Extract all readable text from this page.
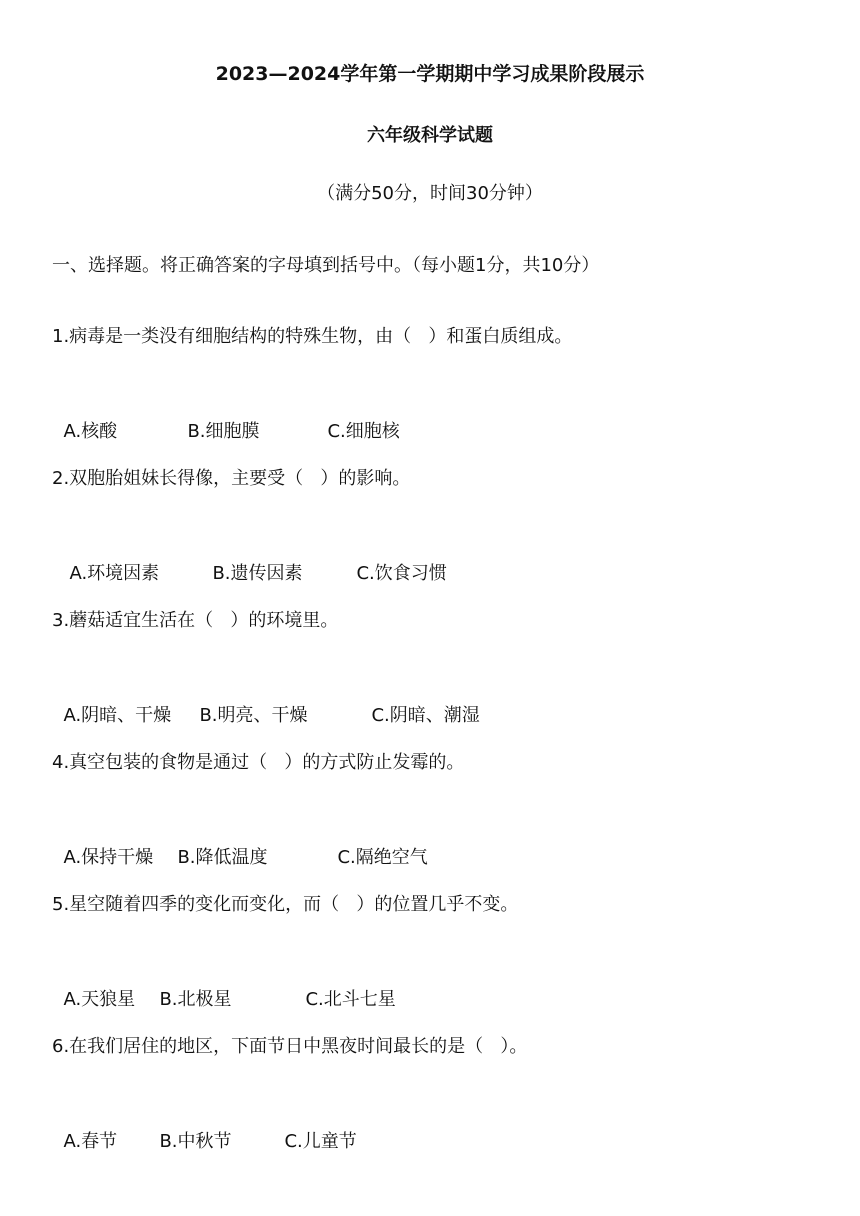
2023—2024学年第一学期期中学习成果阶段展示
六年级科学试题
（满分50分，时间30分钟）
一、选择题。将正确答案的字母填到括号中。（每小题1分，共10分）
1.病毒是一类没有细胞结构的特殊生物，由（   ）和蛋白质组成。

A.核酸	B.细胞膜	C.细胞核

2.双胞胎姐妹长得像，主要受（   ）的影响。

A.环境因素	B.遗传因素	C.饮食习惯

3.蘑菇适宜生活在（   ）的环境里。

A.阴暗、干燥 B.明亮、干燥	C.阴暗、潮湿

4.真空包装的食物是通过（   ）的方式防止发霉的。

A.保持干燥 B.降低温度	C.隔绝空气

5.星空随着四季的变化而变化，而（   ）的位置几乎不变。

A.天狼星 B.北极星	C.北斗七星

6.在我们居住的地区，下面节日中黑夜时间最长的是（   ）。

A.春节 B.中秋节	C.儿童节
